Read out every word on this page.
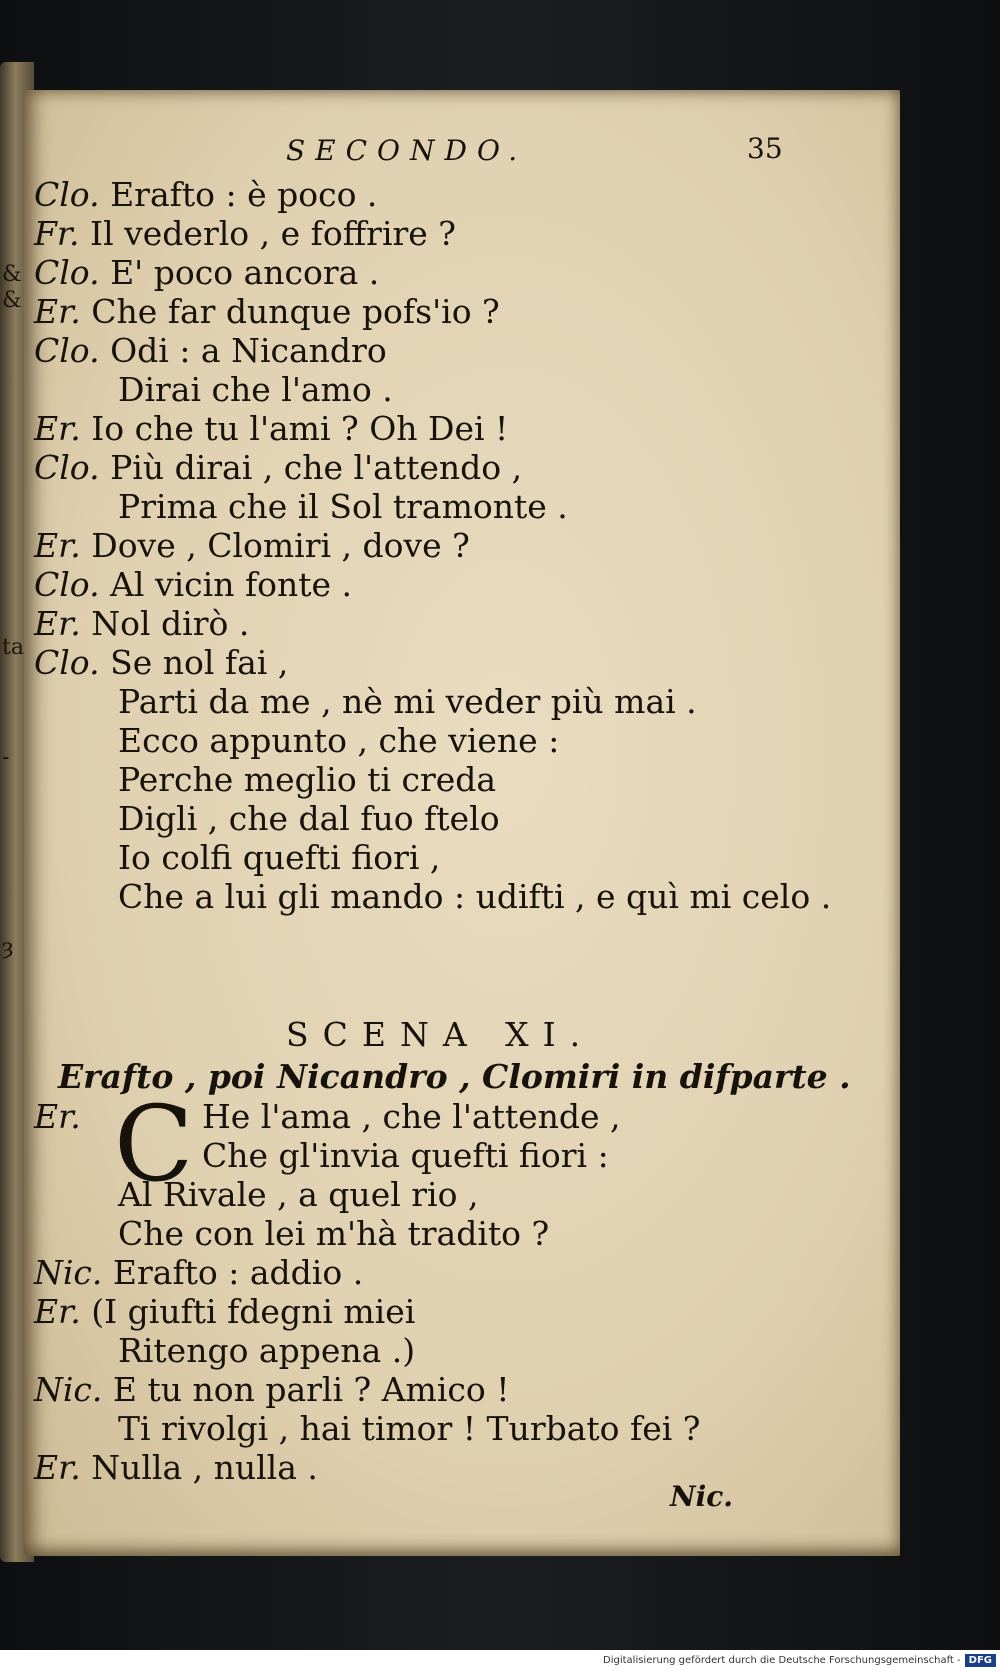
&
&
ta
-
ȝ
SECONDO.	35
Clo. Erafto : è poco .
Fr. Il vederlo , e foffrire ?
Clo. E' poco ancora .
Er. Che far dunque pofs'io ?
Clo. Odi : a Nicandro
Dirai che l'amo .
Er. Io che tu l'ami ? Oh Dei !
Clo. Più dirai , che l'attendo ,
Prima che il Sol tramonte .
Er. Dove , Clomiri , dove ?
Clo. Al vicin fonte .
Er. Nol dirò .
Clo. Se nol fai ,
Parti da me , nè mi veder più mai .
Ecco appunto , che viene :
Perche meglio ti creda
Digli , che dal fuo ftelo
Io colfi quefti fiori ,
Che a lui gli mando : udifti , e quì mi celo .
SCENA XI.
Erafto , poi Nicandro , Clomiri in difparte .
Er. C He l'ama , che l'attende ,
Che gl'invia quefti fiori :
Al Rivale , a quel rio ,
Che con lei m'hà tradito ?
Nic. Erafto : addio .
Er. (I giufti fdegni miei
Ritengo appena .)
Nic. E tu non parli ? Amico !
Ti rivolgi , hai timor ! Turbato fei ?
Er. Nulla , nulla .
Nic.
Digitalisierung gefördert durch die Deutsche Forschungsgemeinschaft - DFG
